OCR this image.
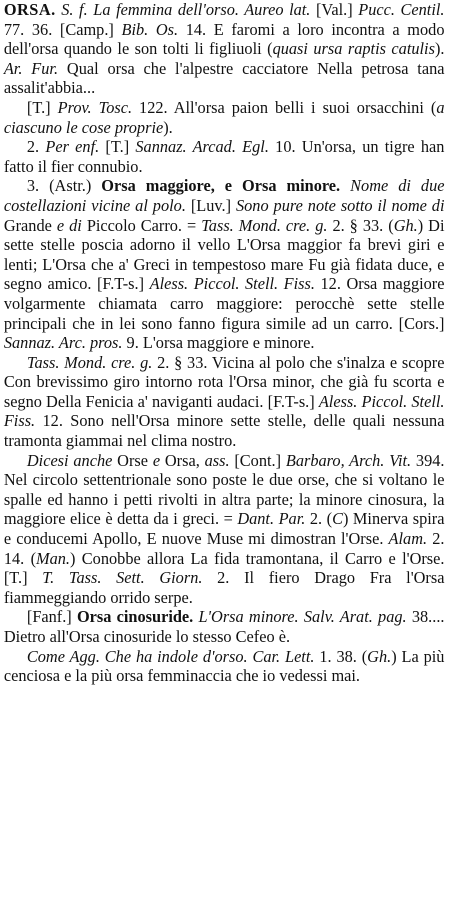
ORSA. S. f. La femmina dell'orso. Aureo lat. [Val.] Pucc. Centil. 77. 36. [Camp.] Bib. Os. 14. E faromi a loro incontra a modo dell'orsa quando le son tolti li figliuoli (quasi ursa raptis catulis). Ar. Fur. Qual orsa che l'alpestre cacciatore Nella petrosa tana assalit'abbia...

[T.] Prov. Tosc. 122. All'orsa paion belli i suoi orsacchini (a ciascuno le cose proprie).

2. Per enf. [T.] Sannaz. Arcad. Egl. 10. Un'orsa, un tigre han fatto il fier connubio.

3. (Astr.) Orsa maggiore, e Orsa minore. Nome di due costellazioni vicine al polo. [Luv.] Sono pure note sotto il nome di Grande e di Piccolo Carro. = Tass. Mond. cre. g. 2. § 33. (Gh.) Di sette stelle poscia adorno il vello L'Orsa maggior fa brevi giri e lenti; L'Orsa che a' Greci in tempestoso mare Fu già fidata duce, e segno amico. [F.T-s.] Aless. Piccol. Stell. Fiss. 12. Orsa maggiore volgarmente chiamata carro maggiore: perocchè sette stelle principali che in lei sono fanno figura simile ad un carro. [Cors.] Sannaz. Arc. pros. 9. L'orsa maggiore e minore.

Tass. Mond. cre. g. 2. § 33. Vicina al polo che s'inalza e scopre Con brevissimo giro intorno rota l'Orsa minor, che già fu scorta e segno Della Fenicia a' naviganti audaci. [F.T-s.] Aless. Piccol. Stell. Fiss. 12. Sono nell'Orsa minore sette stelle, delle quali nessuna tramonta giammai nel clima nostro.

Dicesi anche Orse e Orsa, ass. [Cont.] Barbaro, Arch. Vit. 394. Nel circolo settentrionale sono poste le due orse, che si voltano le spalle ed hanno i petti rivolti in altra parte; la minore cinosura, la maggiore elice è detta da i greci. = Dant. Par. 2. (C) Minerva spira e conducemi Apollo, E nuove Muse mi dimostran l'Orse. Alam. 2. 14. (Man.) Conobbe allora La fida tramontana, il Carro e l'Orse. [T.] T. Tass. Sett. Giorn. 2. Il fiero Drago Fra l'Orsa fiammeggiando orrido serpe.

[Fanf.] Orsa cinosuride. L'Orsa minore. Salv. Arat. pag. 38.... Dietro all'Orsa cinosuride lo stesso Cefeo è.

Come Agg. Che ha indole d'orso. Car. Lett. 1. 38. (Gh.) La più cenciosa e la più orsa femminaccia che io vedessi mai.
